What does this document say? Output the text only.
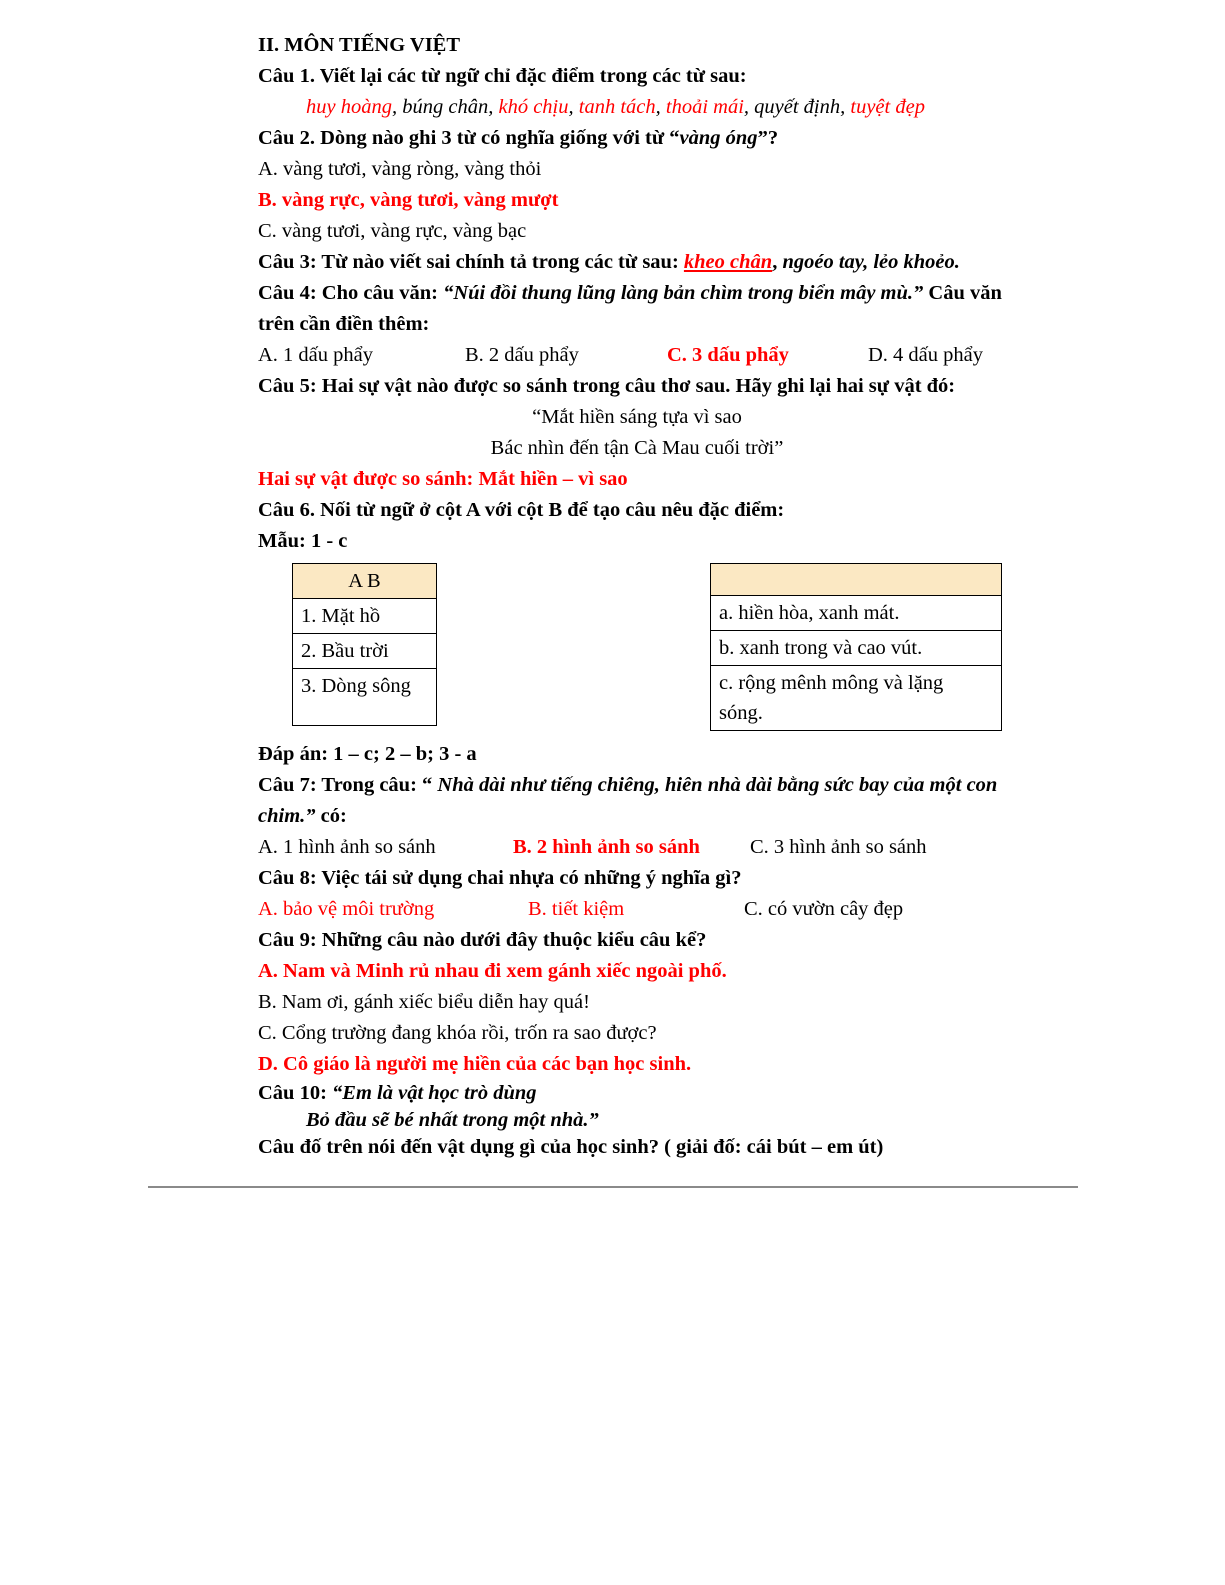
II. MÔN TIẾNG VIỆT

Câu 1. Viết lại các từ ngữ chỉ đặc điểm trong các từ sau:

huy hoàng, búng chân, khó chịu, tanh tách, thoải mái, quyết định, tuyệt đẹp

Câu 2. Dòng nào ghi 3 từ có nghĩa giống với từ “vàng óng”?

A. vàng tươi, vàng ròng, vàng thỏi

B. vàng rực, vàng tươi, vàng mượt

C. vàng tươi, vàng rực, vàng bạc

Câu 3: Từ nào viết sai chính tả trong các từ sau: kheo chân, ngoéo tay, lẻo khoẻo.

Câu 4: Cho câu văn: “Núi đồi thung lũng làng bản chìm trong biển mây mù.” Câu văn

trên cần điền thêm:

A. 1 dấu phẩy	B. 2 dấu phẩy	C. 3 dấu phẩy	D. 4 dấu phẩy

Câu 5: Hai sự vật nào được so sánh trong câu thơ sau. Hãy ghi lại hai sự vật đó:

“Mắt hiền sáng tựa vì sao

Bác nhìn đến tận Cà Mau cuối trời”

Hai sự vật được so sánh: Mắt hiền – vì sao

Câu 6. Nối từ ngữ ở cột A với cột B để tạo câu nêu đặc điểm:

Mẫu: 1 - c

A B
1. Mặt hồ
2. Bầu trời
3. Dòng sông

a. hiền hòa, xanh mát.
b. xanh trong và cao vút.
c. rộng mênh mông và lặng sóng.

Đáp án: 1 – c; 2 – b; 3 - a

Câu 7: Trong câu: “ Nhà dài như tiếng chiêng, hiên nhà dài bằng sức bay của một con

chim.” có:

A. 1 hình ảnh so sánh	B. 2 hình ảnh so sánh	C. 3 hình ảnh so sánh

Câu 8: Việc tái sử dụng chai nhựa có những ý nghĩa gì?

A. bảo vệ môi trường	B. tiết kiệm	C. có vườn cây đẹp

Câu 9: Những câu nào dưới đây thuộc kiểu câu kể?

A. Nam và Minh rủ nhau đi xem gánh xiếc ngoài phố.

B. Nam ơi, gánh xiếc biểu diễn hay quá!

C. Cổng trường đang khóa rồi, trốn ra sao được?

D. Cô giáo là người mẹ hiền của các bạn học sinh.

Câu 10: “Em là vật học trò dùng

Bỏ đầu sẽ bé nhất trong một nhà.”

Câu đố trên nói đến vật dụng gì của học sinh? ( giải đố: cái bút – em út)
